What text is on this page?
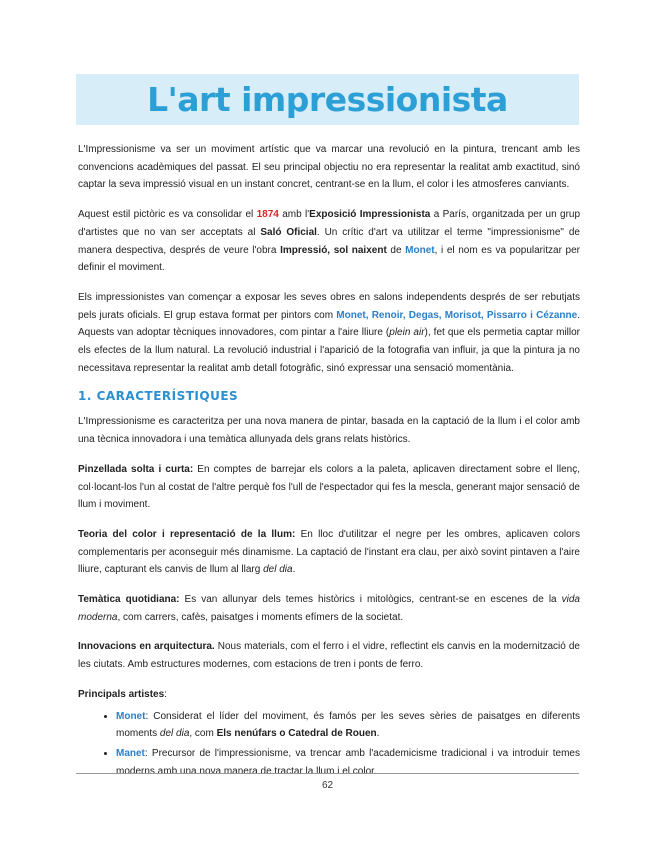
L'art impressionista

L'Impressionisme va ser un moviment artístic que va marcar una revolució en la pintura, trencant amb les convencions acadèmiques del passat. El seu principal objectiu no era representar la realitat amb exactitud, sinó captar la seva impressió visual en un instant concret, centrant-se en la llum, el color i les atmosferes canviants.

Aquest estil pictòric es va consolidar el 1874 amb l'Exposició Impressionista a París, organitzada per un grup d'artistes que no van ser acceptats al Saló Oficial. Un crític d'art va utilitzar el terme "impressionisme" de manera despectiva, després de veure l'obra Impressió, sol naixent de Monet, i el nom es va popularitzar per definir el moviment.

Els impressionistes van començar a exposar les seves obres en salons independents després de ser rebutjats pels jurats oficials. El grup estava format per pintors com Monet, Renoir, Degas, Morisot, Pissarro i Cézanne. Aquests van adoptar tècniques innovadores, com pintar a l'aire lliure (plein air), fet que els permetia captar millor els efectes de la llum natural. La revolució industrial i l'aparició de la fotografia van influir, ja que la pintura ja no necessitava representar la realitat amb detall fotogràfic, sinó expressar una sensació momentània.

1. CARACTERÍSTIQUES

L'Impressionisme es caracteritza per una nova manera de pintar, basada en la captació de la llum i el color amb una tècnica innovadora i una temàtica allunyada dels grans relats històrics.

Pinzellada solta i curta: En comptes de barrejar els colors a la paleta, aplicaven directament sobre el llenç, col·locant-los l'un al costat de l'altre perquè fos l'ull de l'espectador qui fes la mescla, generant major sensació de llum i moviment.

Teoria del color i representació de la llum: En lloc d'utilitzar el negre per les ombres, aplicaven colors complementaris per aconseguir més dinamisme. La captació de l'instant era clau, per això sovint pintaven a l'aire lliure, capturant els canvis de llum al llarg del dia.

Temàtica quotidiana: Es van allunyar dels temes històrics i mitològics, centrant-se en escenes de la vida moderna, com carrers, cafès, paisatges i moments efímers de la societat.

Innovacions en arquitectura. Nous materials, com el ferro i el vidre, reflectint els canvis en la modernització de les ciutats. Amb estructures modernes, com estacions de tren i ponts de ferro.

Principals artistes:

• Monet: Considerat el líder del moviment, és famós per les seves sèries de paisatges en diferents moments del dia, com Els nenúfars o Catedral de Rouen.
• Manet: Precursor de l'impressionisme, va trencar amb l'academicisme tradicional i va introduir temes moderns amb una nova manera de tractar la llum i el color.
62
